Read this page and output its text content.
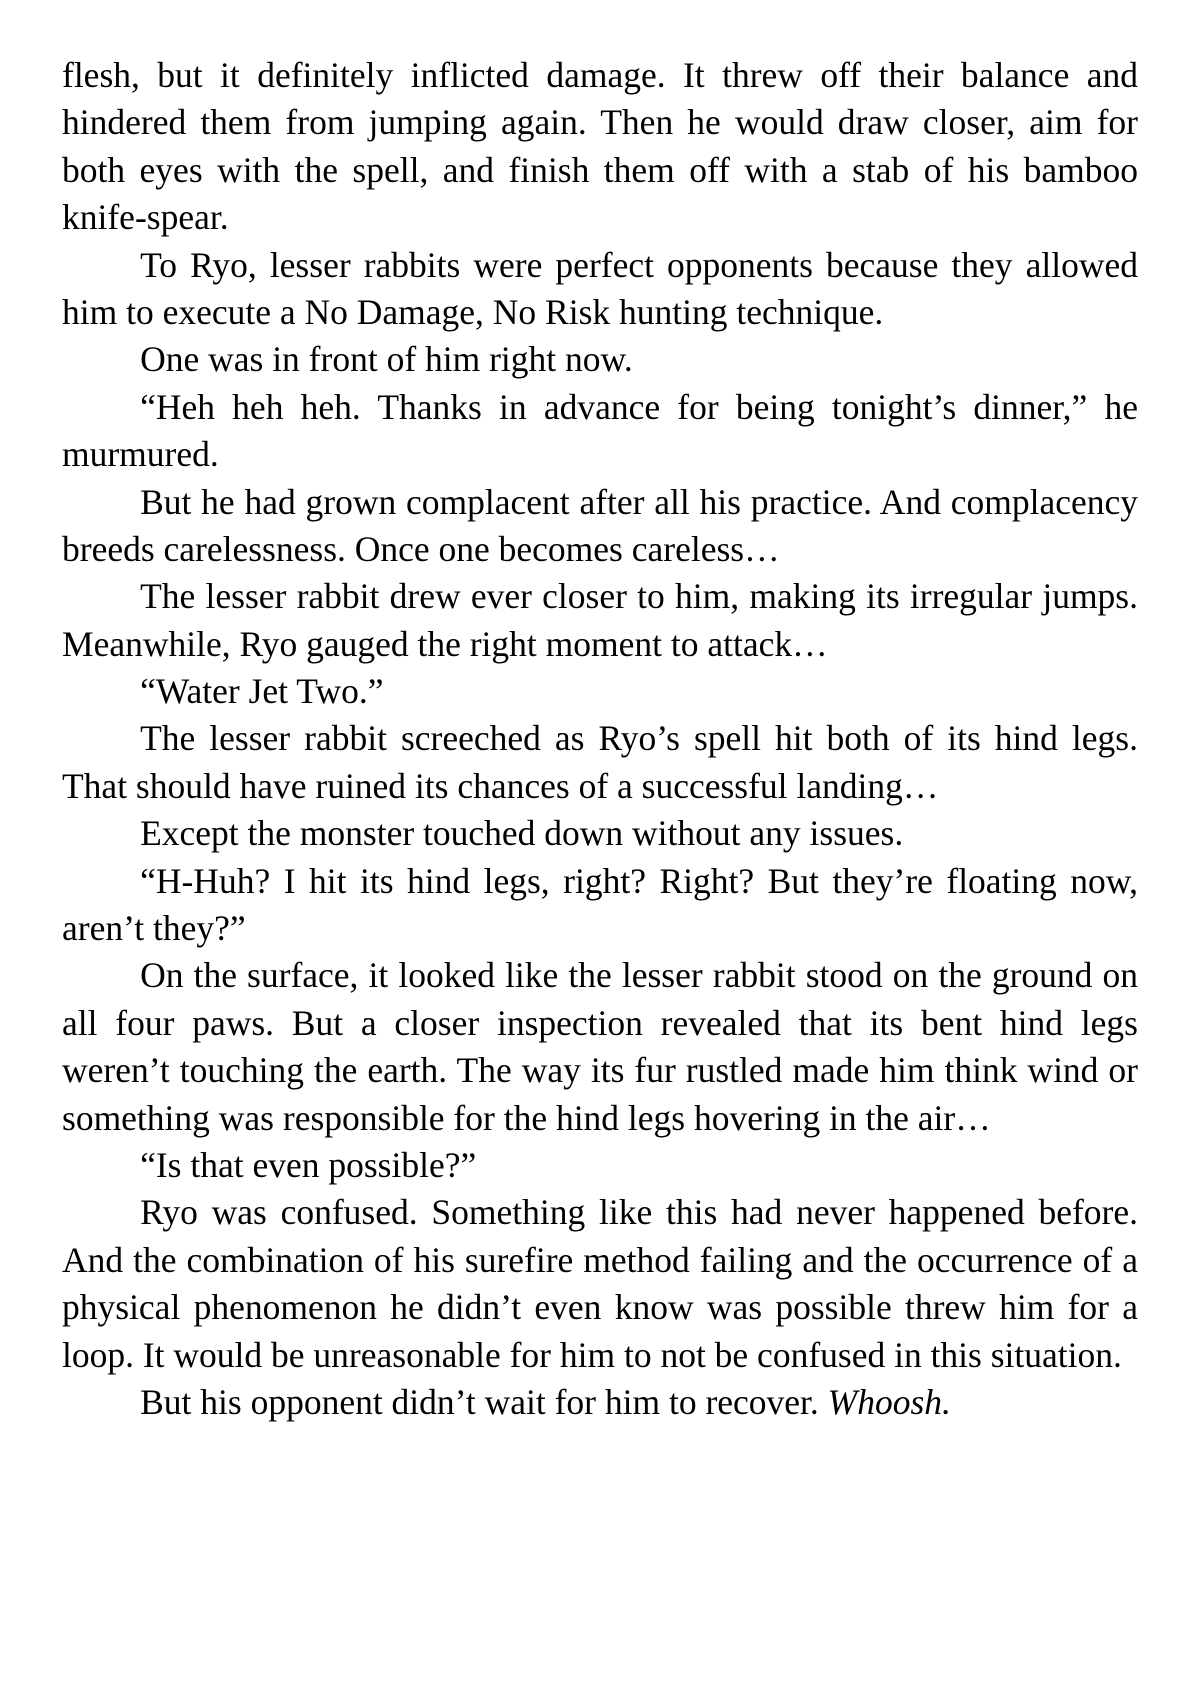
flesh, but it definitely inflicted damage. It threw off their balance and hindered them from jumping again. Then he would draw closer, aim for both eyes with the spell, and finish them off with a stab of his bamboo knife-spear.

To Ryo, lesser rabbits were perfect opponents because they allowed him to execute a No Damage, No Risk hunting technique.

One was in front of him right now.

“Heh heh heh. Thanks in advance for being tonight’s dinner,” he murmured.

But he had grown complacent after all his practice. And complacency breeds carelessness. Once one becomes careless…

The lesser rabbit drew ever closer to him, making its irregular jumps. Meanwhile, Ryo gauged the right moment to attack…

“Water Jet Two.”

The lesser rabbit screeched as Ryo’s spell hit both of its hind legs. That should have ruined its chances of a successful landing…

Except the monster touched down without any issues.

“H-Huh? I hit its hind legs, right? Right? But they’re floating now, aren’t they?”

On the surface, it looked like the lesser rabbit stood on the ground on all four paws. But a closer inspection revealed that its bent hind legs weren’t touching the earth. The way its fur rustled made him think wind or something was responsible for the hind legs hovering in the air…

“Is that even possible?”

Ryo was confused. Something like this had never happened before. And the combination of his surefire method failing and the occurrence of a physical phenomenon he didn’t even know was possible threw him for a loop. It would be unreasonable for him to not be confused in this situation.

But his opponent didn’t wait for him to recover. Whoosh.
